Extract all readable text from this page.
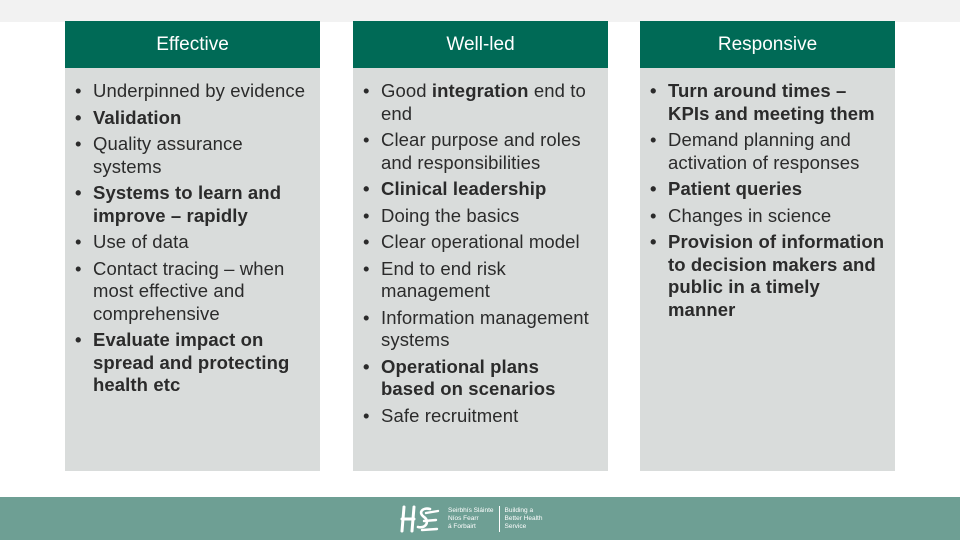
Effective
• Underpinned by evidence
• Validation
• Quality assurance systems
• Systems to learn and improve – rapidly
• Use of data
• Contact tracing – when most effective and comprehensive
• Evaluate impact on spread and protecting health etc
Well-led
• Good integration end to end
• Clear purpose and roles and responsibilities
• Clinical leadership
• Doing the basics
• Clear operational model
• End to end risk management
• Information management systems
• Operational plans based on scenarios
• Safe recruitment
Responsive
• Turn around times – KPIs and meeting them
• Demand planning and activation of responses
• Patient queries
• Changes in science
• Provision of information to decision makers and public in a timely manner
Seirbhís Sláinte
Níos Fearr
á Forbairt
Building a
Better Health
Service
